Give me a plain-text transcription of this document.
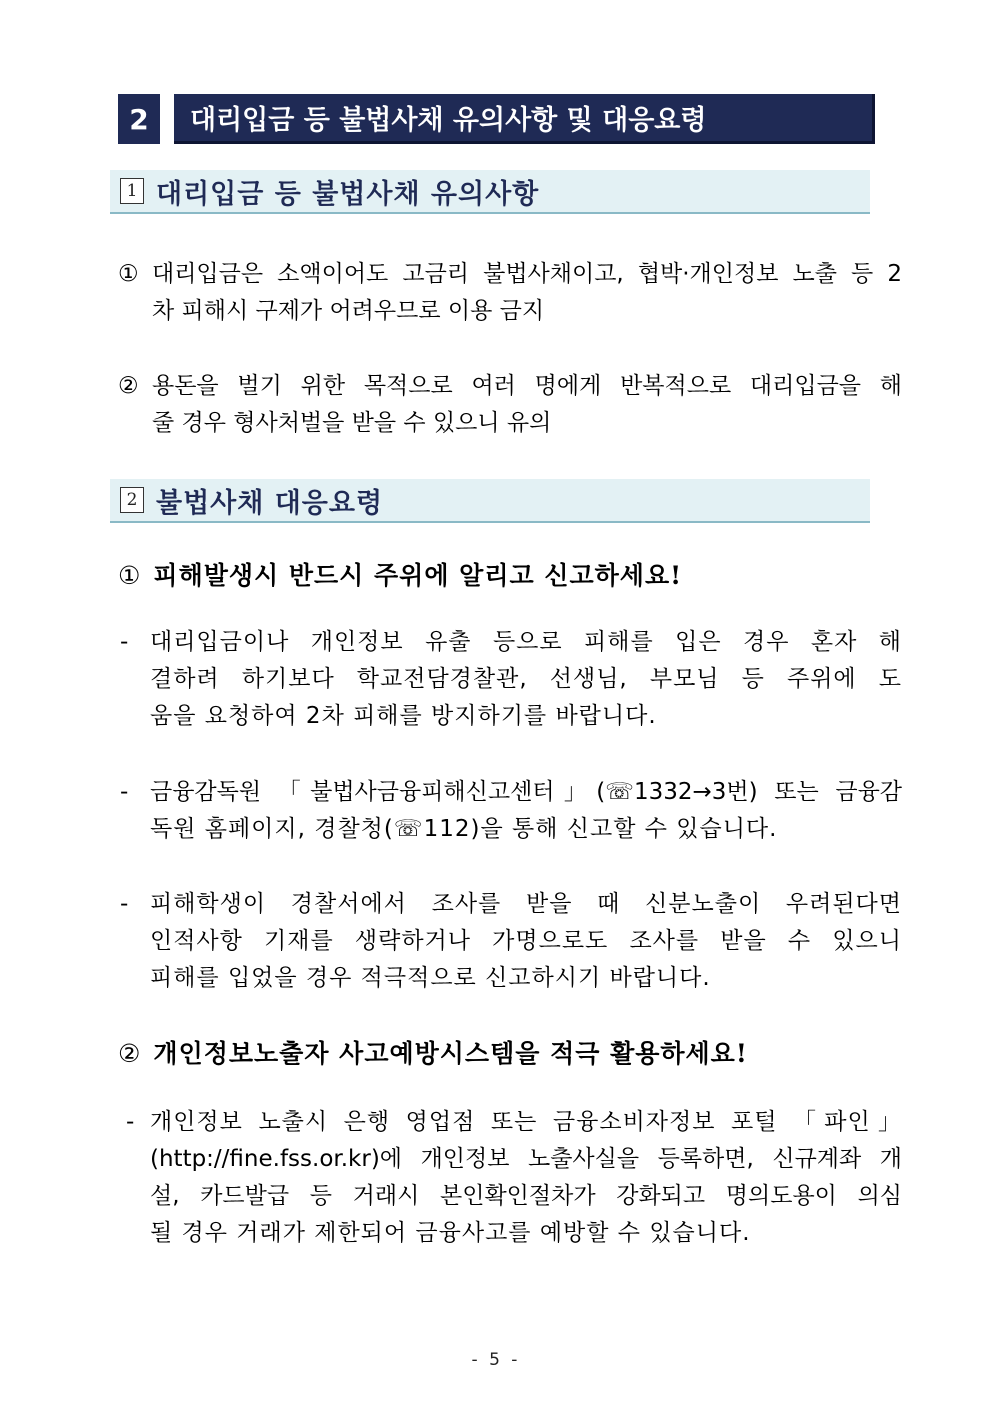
2	대리입금 등 불법사채 유의사항 및 대응요령
1 대리입금 등 불법사채 유의사항
① 대리입금은 소액이어도 고금리 불법사채이고, 협박·개인정보 노출 등 2
차 피해시 구제가 어려우므로 이용 금지
② 용돈을 벌기 위한 목적으로 여러 명에게 반복적으로 대리입금을 해
줄 경우 형사처벌을 받을 수 있으니 유의
2 불법사채 대응요령
① 피해발생시 반드시 주위에 알리고 신고하세요!
- 대리입금이나 개인정보 유출 등으로 피해를 입은 경우 혼자 해
결하려 하기보다 학교전담경찰관, 선생님, 부모님 등 주위에 도
움을 요청하여 2차 피해를 방지하기를 바랍니다.
- 금융감독원 「불법사금융피해신고센터」(☏1332→3번) 또는 금융감
독원 홈페이지, 경찰청(☏112)을 통해 신고할 수 있습니다.
- 피해학생이 경찰서에서 조사를 받을 때 신분노출이 우려된다면
인적사항 기재를 생략하거나 가명으로도 조사를 받을 수 있으니
피해를 입었을 경우 적극적으로 신고하시기 바랍니다.
② 개인정보노출자 사고예방시스템을 적극 활용하세요!
- 개인정보 노출시 은행 영업점 또는 금융소비자정보 포털 「파인」
(http://fine.fss.or.kr)에 개인정보 노출사실을 등록하면, 신규계좌 개
설, 카드발급 등 거래시 본인확인절차가 강화되고 명의도용이 의심
될 경우 거래가 제한되어 금융사고를 예방할 수 있습니다.
- 5 -
